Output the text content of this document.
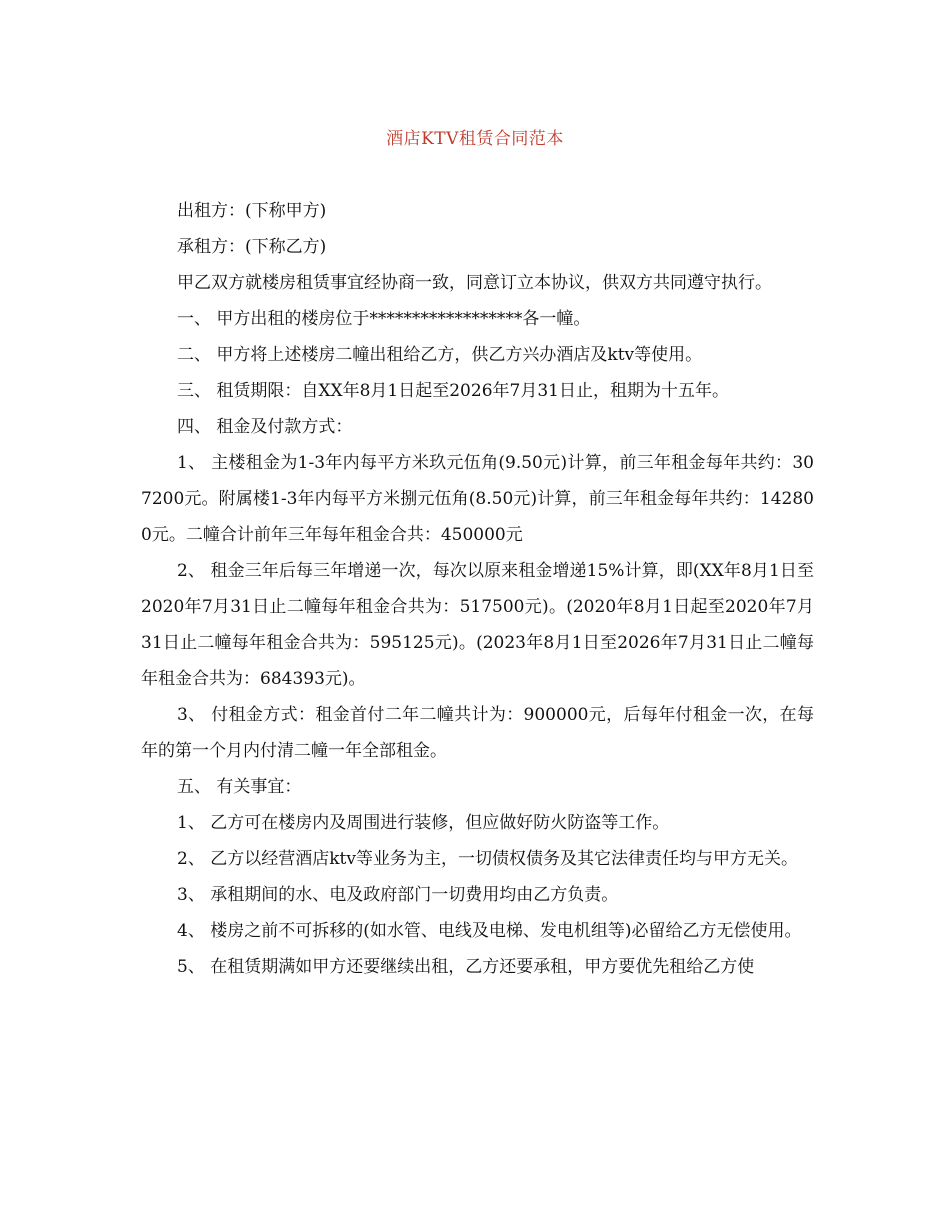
酒店KTV租赁合同范本

出租方：(下称甲方)

承租方：(下称乙方)

甲乙双方就楼房租赁事宜经协商一致，同意订立本协议，供双方共同遵守执行。

一、 甲方出租的楼房位于******************各一幢。

二、 甲方将上述楼房二幢出租给乙方，供乙方兴办酒店及ktv等使用。

三、 租赁期限：自XX年8月1日起至2026年7月31日止，租期为十五年。

四、 租金及付款方式：

1、 主楼租金为1-3年内每平方米玖元伍角(9.50元)计算，前三年租金每年共约：307200元。附属楼1-3年内每平方米捌元伍角(8.50元)计算，前三年租金每年共约：142800元。二幢合计前年三年每年租金合共：450000元

2、 租金三年后每三年增递一次，每次以原来租金增递15%计算，即(XX年8月1日至2020年7月31日止二幢每年租金合共为：517500元)。(2020年8月1日起至2020年7月31日止二幢每年租金合共为：595125元)。(2023年8月1日至2026年7月31日止二幢每年租金合共为：684393元)。

3、 付租金方式：租金首付二年二幢共计为：900000元，后每年付租金一次，在每年的第一个月内付清二幢一年全部租金。

五、 有关事宜：

1、 乙方可在楼房内及周围进行装修，但应做好防火防盗等工作。

2、 乙方以经营酒店ktv等业务为主，一切债权债务及其它法律责任均与甲方无关。

3、 承租期间的水、电及政府部门一切费用均由乙方负责。

4、 楼房之前不可拆移的(如水管、电线及电梯、发电机组等)必留给乙方无偿使用。

5、 在租赁期满如甲方还要继续出租，乙方还要承租，甲方要优先租给乙方使
